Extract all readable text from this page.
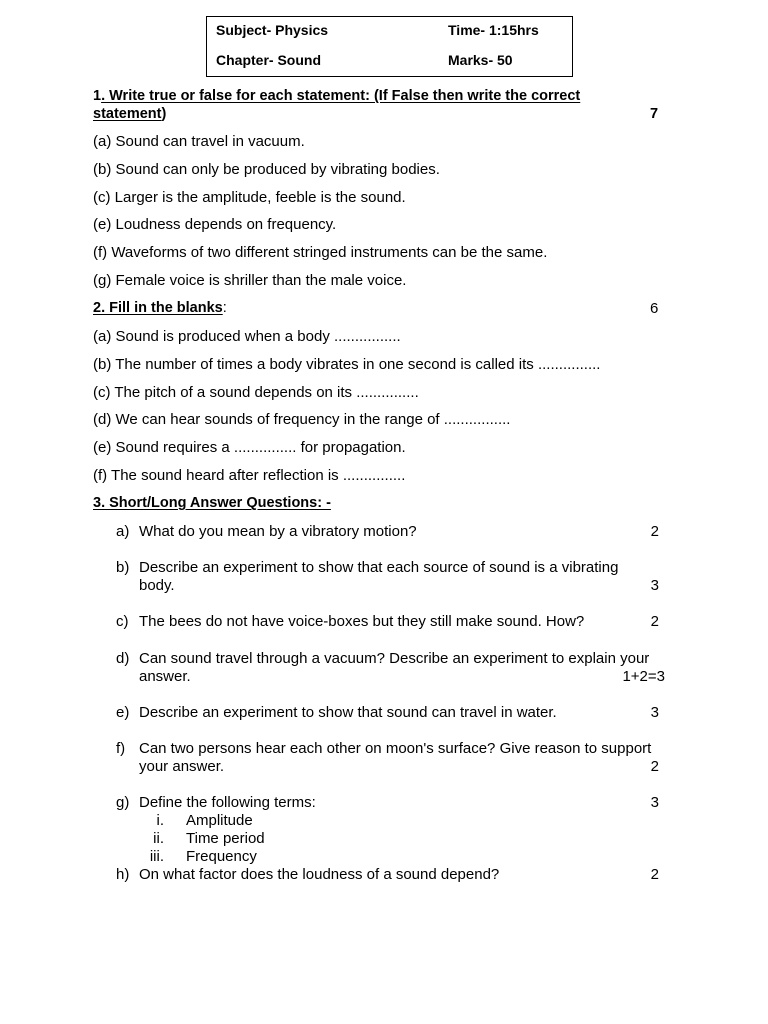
Subject- Physics	Time- 1:15hrs
Chapter- Sound	Marks- 50
1. Write true or false for each statement: (If False then write the correct
statement)	7
(a) Sound can travel in vacuum.
(b) Sound can only be produced by vibrating bodies.
(c) Larger is the amplitude, feeble is the sound.
(e) Loudness depends on frequency.
(f) Waveforms of two different stringed instruments can be the same.
(g) Female voice is shriller than the male voice.
2. Fill in the blanks:	6
(a) Sound is produced when a body ................
(b) The number of times a body vibrates in one second is called its ...............
(c) The pitch of a sound depends on its ...............
(d) We can hear sounds of frequency in the range of ................
(e) Sound requires a ............... for propagation.
(f) The sound heard after reflection is ...............
3. Short/Long Answer Questions: -
a) What do you mean by a vibratory motion?	2
b) Describe an experiment to show that each source of sound is a vibrating
body.	3
c) The bees do not have voice-boxes but they still make sound. How?	2
d) Can sound travel through a vacuum? Describe an experiment to explain your
answer.	1+2=3
e) Describe an experiment to show that sound can travel in water.	3
f) Can two persons hear each other on moon's surface? Give reason to support
your answer.	2
g) Define the following terms:	3
i. Amplitude
ii. Time period
iii. Frequency
h) On what factor does the loudness of a sound depend?	2
